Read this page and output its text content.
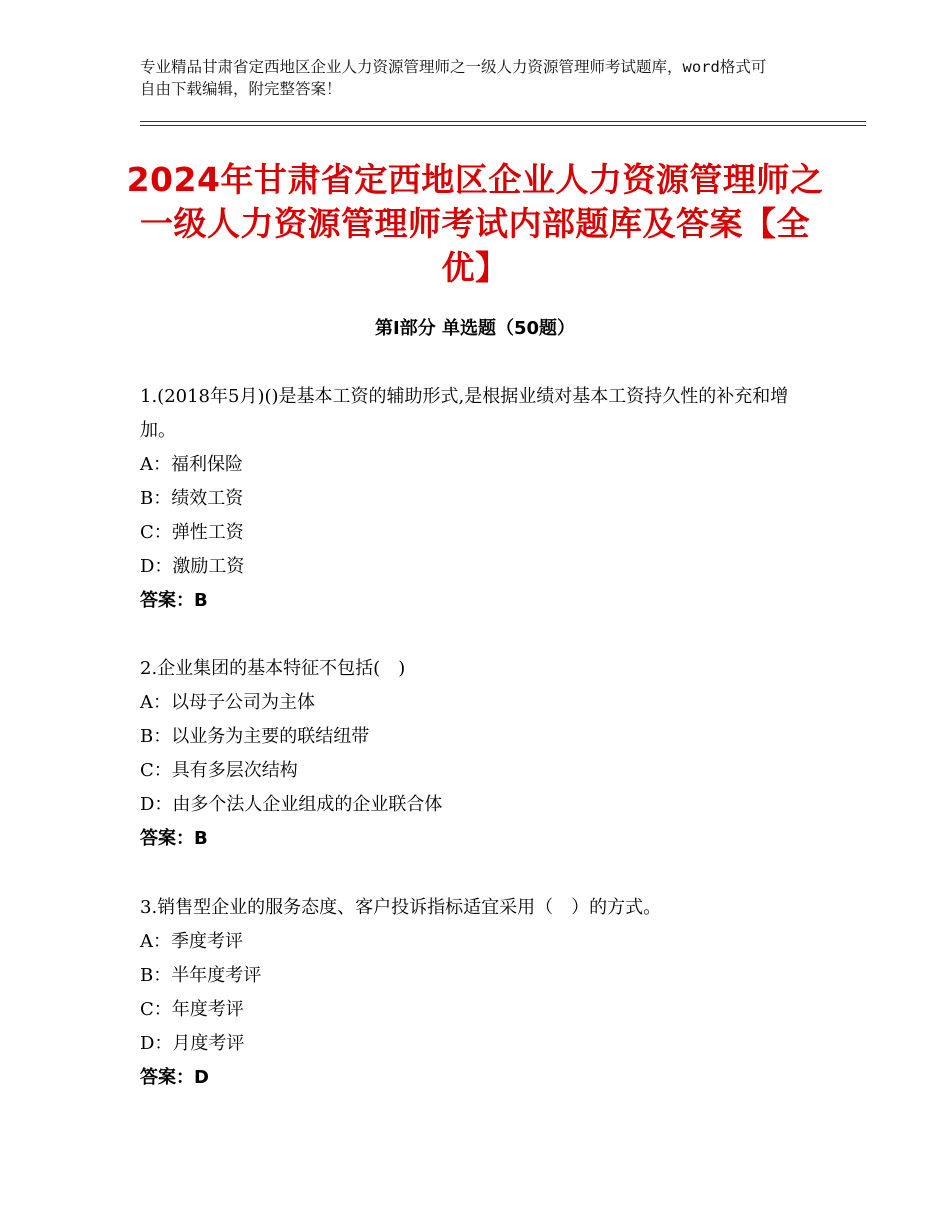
专业精品甘肃省定西地区企业人力资源管理师之一级人力资源管理师考试题库，word格式可自由下载编辑，附完整答案！
2024年甘肃省定西地区企业人力资源管理师之一级人力资源管理师考试内部题库及答案【全优】
第Ⅰ部分 单选题（50题）
1.(2018年5月)()是基本工资的辅助形式,是根据业绩对基本工资持久性的补充和增加。
A：福利保险
B：绩效工资
C：弹性工资
D：激励工资
答案：B
2.企业集团的基本特征不包括(　)
A：以母子公司为主体
B：以业务为主要的联结纽带
C：具有多层次结构
D：由多个法人企业组成的企业联合体
答案：B
3.销售型企业的服务态度、客户投诉指标适宜采用（　）的方式。
A：季度考评
B：半年度考评
C：年度考评
D：月度考评
答案：D
